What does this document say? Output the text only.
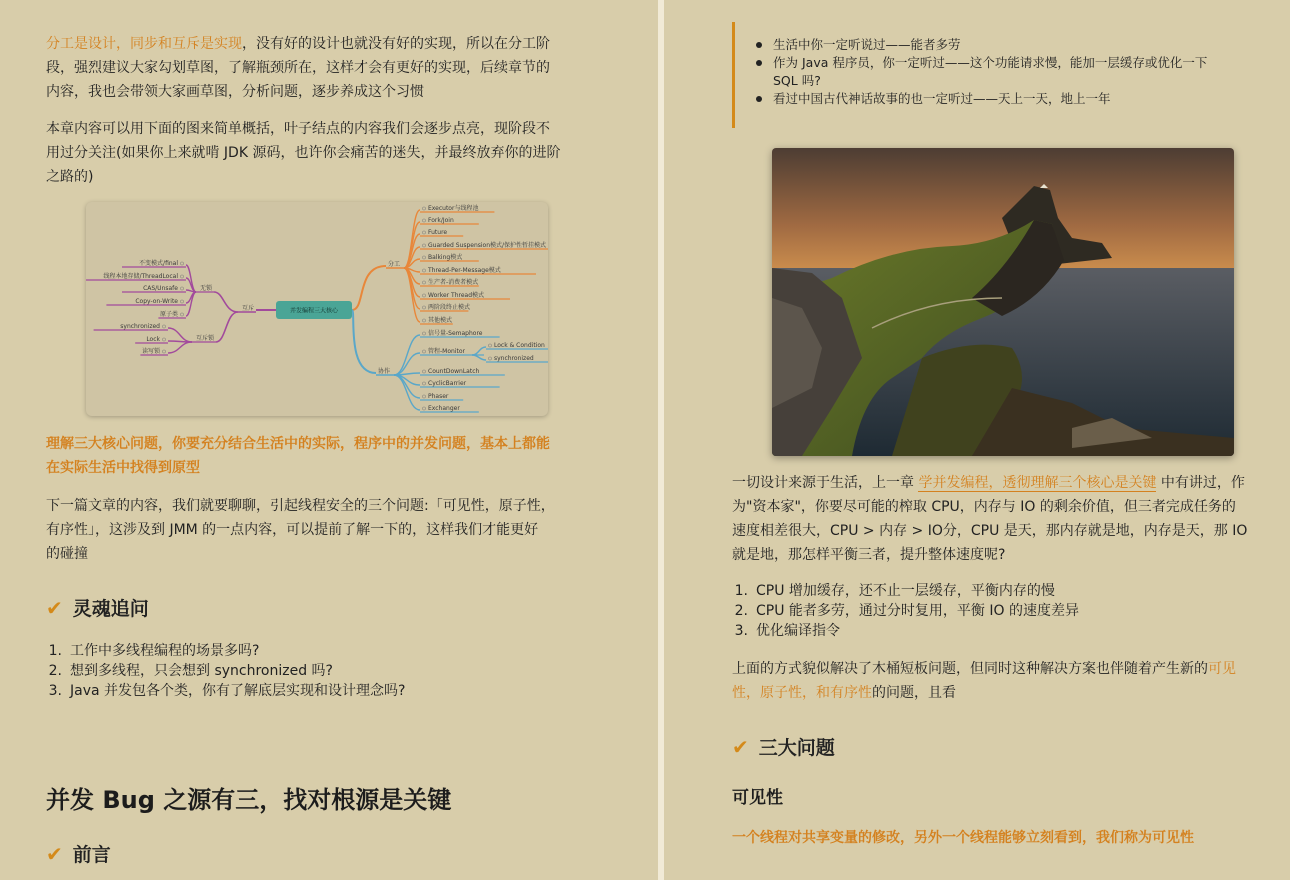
分工是设计，同步和互斥是实现，没有好的设计也就没有好的实现，所以在分工阶
段，强烈建议大家勾划草图，了解瓶颈所在，这样才会有更好的实现，后续章节的
内容，我也会带领大家画草图，分析问题，逐步养成这个习惯

本章内容可以用下面的图来简单概括，叶子结点的内容我们会逐步点亮，现阶段不
用过分关注(如果你上来就啃 JDK 源码，也许你会痛苦的迷失，并最终放弃你的进阶
之路的)

并发编程三大核心
分工
Executor与线程池
Fork/Join
Future
Guarded Suspension模式/保护性暂挂模式
Balking模式
Thread-Per-Message模式
生产者-消费者模式
Worker Thread模式
两阶段终止模式
其他模式
协作
信号量-Semaphore
管程-Monitor
CountDownLatch
CyclicBarrier
Phaser
Exchanger
Lock & Condition
synchronized
互斥
无锁
不变模式/final
线程本地存储/ThreadLocal
CAS/Unsafe
Copy-on-Write
原子类
互斥锁
synchronized
Lock
读写锁

理解三大核心问题，你要充分结合生活中的实际，程序中的并发问题，基本上都能
在实际生活中找得到原型

下一篇文章的内容，我们就要聊聊，引起线程安全的三个问题:「可见性，原子性，
有序性」，这涉及到 JMM 的一点内容，可以提前了解一下的，这样我们才能更好
的碰撞

✔ 灵魂追问
1. 工作中多线程编程的场景多吗?
2. 想到多线程，只会想到 synchronized 吗?
3. Java 并发包各个类，你有了解底层实现和设计理念吗?
并发 Bug 之源有三，找对根源是关键
✔ 前言
生活中你一定听说过——能者多劳
作为 Java 程序员，你一定听过——这个功能请求慢，能加一层缓存或优化一下
SQL 吗?
看过中国古代神话故事的也一定听过——天上一天，地上一年

一切设计来源于生活，上一章 学并发编程，透彻理解三个核心是关键 中有讲过，作
为"资本家"，你要尽可能的榨取 CPU，内存与 IO 的剩余价值，但三者完成任务的
速度相差很大，CPU > 内存 > IO分，CPU 是天，那内存就是地，内存是天，那 IO
就是地，那怎样平衡三者，提升整体速度呢?

1. CPU 增加缓存，还不止一层缓存，平衡内存的慢
2. CPU 能者多劳，通过分时复用，平衡 IO 的速度差异
3. 优化编译指令

上面的方式貌似解决了木桶短板问题，但同时这种解决方案也伴随着产生新的可见
性，原子性，和有序性的问题，且看

✔ 三大问题
可见性

一个线程对共享变量的修改，另外一个线程能够立刻看到，我们称为可见性
